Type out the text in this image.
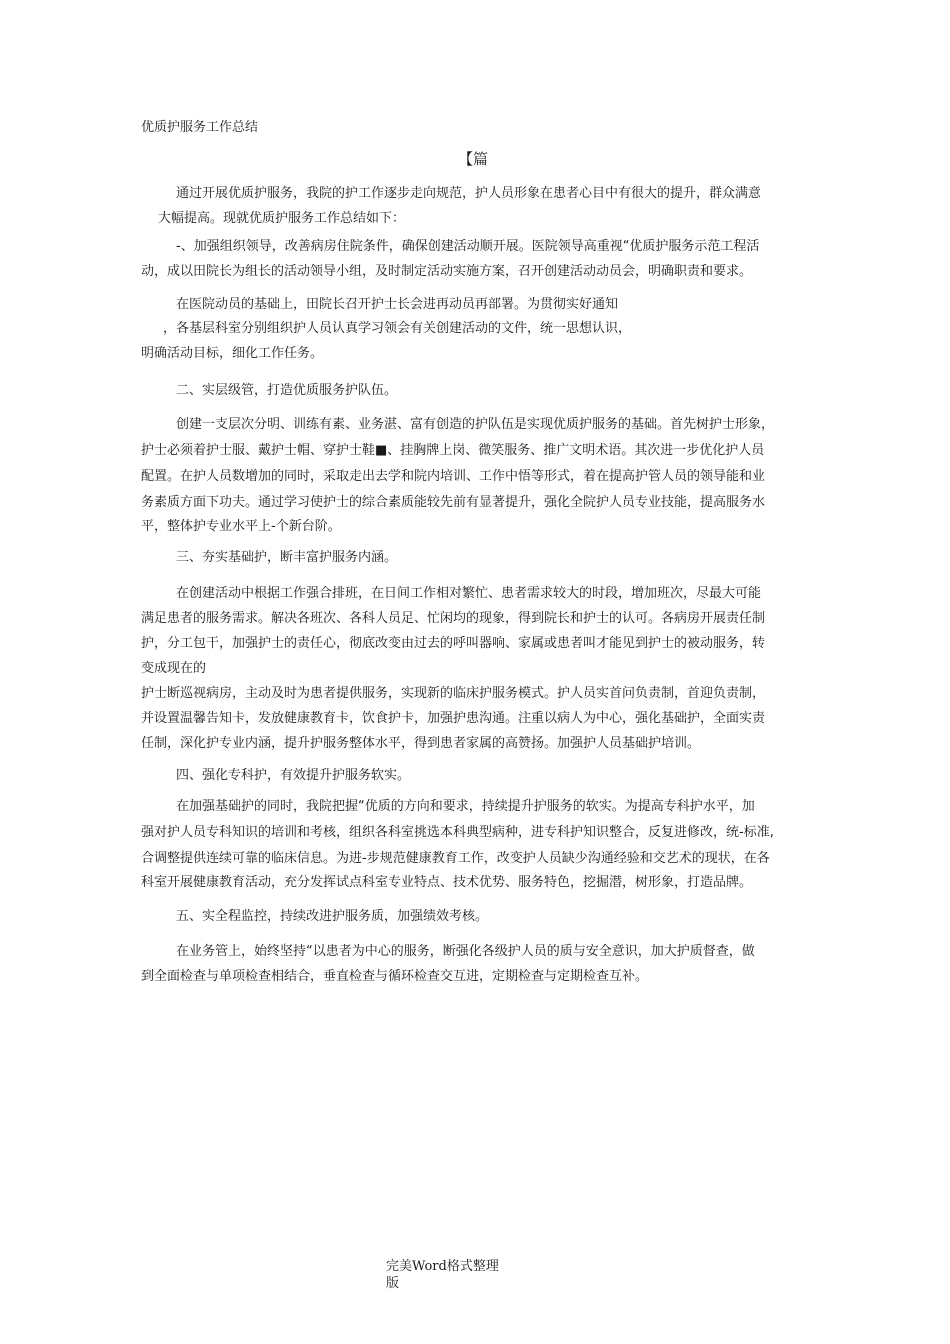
优质护服务工作总结
【篇
通过开展优质护服务，我院的护工作逐步走向规范，护人员形象在患者心目中有很大的提升，群众满意
大幅提高。现就优质护服务工作总结如下：
-、加强组织领导，改善病房住院条件，确保创建活动顺开展。医院领导高重视“优质护服务示范工程活
动，成以田院长为组长的活动领导小组，及时制定活动实施方案，召开创建活动动员会，明确职责和要求。
在医院动员的基础上，田院长召开护士长会进再动员再部署。为贯彻实好通知
，各基层科室分别组织护人员认真学习领会有关创建活动的文件，统一思想认识，
明确活动目标，细化工作任务。
二、实层级管，打造优质服务护队伍。
创建一支层次分明、训练有素、业务湛、富有创造的护队伍是实现优质护服务的基础。首先树护士形象，
护士必须着护士服、戴护士帽、穿护士鞋■、挂胸牌上岗、微笑服务、推广文明术语。其次进一步优化护人员
配置。在护人员数增加的同时，采取走出去学和院内培训、工作中悟等形式，着在提高护管人员的领导能和业
务素质方面下功夫。通过学习使护士的综合素质能较先前有显著提升，强化全院护人员专业技能，提高服务水
平，整体护专业水平上-个新台阶。
三、夯实基础护，断丰富护服务内涵。
在创建活动中根据工作强合排班，在日间工作相对繁忙、患者需求较大的时段，增加班次，尽最大可能
满足患者的服务需求。解决各班次、各科人员足、忙闲均的现象，得到院长和护士的认可。各病房开展责任制
护，分工包干，加强护士的责任心，彻底改变由过去的呼叫器响、家属或患者叫才能见到护士的被动服务，转
变成现在的
护士断巡视病房，主动及时为患者提供服务，实现新的临床护服务模式。护人员实首问负责制，首迎负责制，
并设置温馨告知卡，发放健康教育卡，饮食护卡，加强护患沟通。注重以病人为中心，强化基础护，全面实责
任制，深化护专业内涵，提升护服务整体水平，得到患者家属的高赞扬。加强护人员基础护培训。
四、强化专科护，有效提升护服务软实。
在加强基础护的同时，我院把握“优质的方向和要求，持续提升护服务的软实。为提高专科护水平，加
强对护人员专科知识的培训和考核，组织各科室挑选本科典型病种，进专科护知识整合，反复进修改，统-标准,
合调整提供连续可靠的临床信息。为进-步规范健康教育工作，改变护人员缺少沟通经验和交艺术的现状，在各
科室开展健康教育活动，充分发挥试点科室专业特点、技术优势、服务特色，挖掘潜，树形象，打造品牌。
五、实全程监控，持续改进护服务质，加强绩效考核。
在业务管上，始终坚持“以患者为中心的服务，断强化各级护人员的质与安全意识，加大护质督查，做
到全面检查与单项检查相结合，垂直检查与循环检查交互进，定期检查与定期检查互补。
完美Word格式整理
版
